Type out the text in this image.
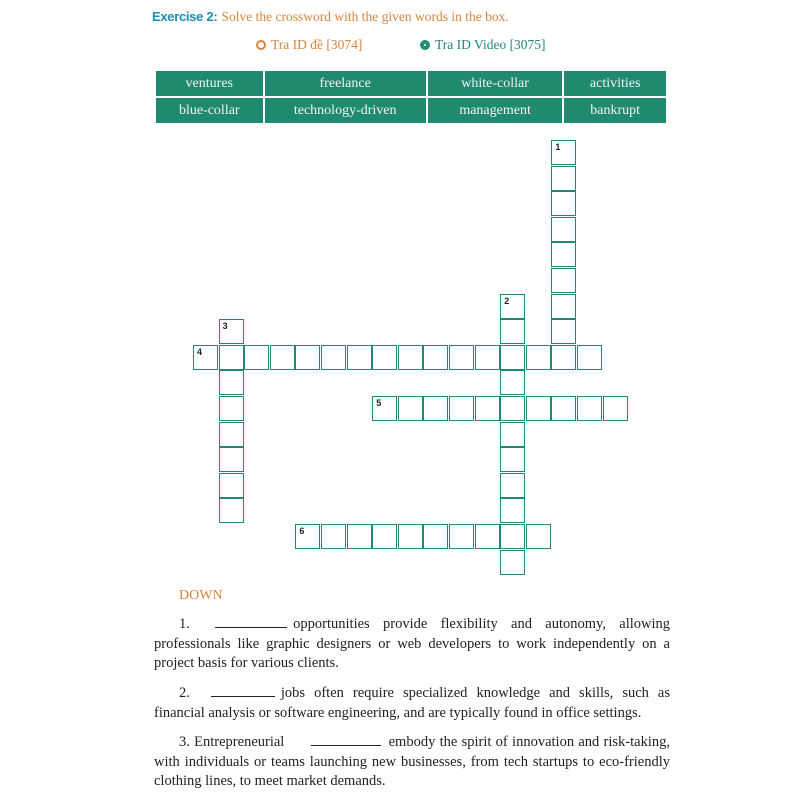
Exercise 2: Solve the crossword with the given words in the box.
Tra ID đề [3074]	Tra ID Video [3075]
ventures	freelance	white-collar	activities
blue-collar	technology-driven	management	bankrupt
1
2
3
4
5
6
DOWN
1.	opportunities provide flexibility and autonomy, allowing professionals like graphic designers or web developers to work independently on a project basis for various clients.
2.	jobs often require specialized knowledge and skills, such as financial analysis or software engineering, and are typically found in office settings.
3. Entrepreneurial	embody the spirit of innovation and risk-taking, with individuals or teams launching new businesses, from tech startups to eco-friendly clothing lines, to meet market demands.
